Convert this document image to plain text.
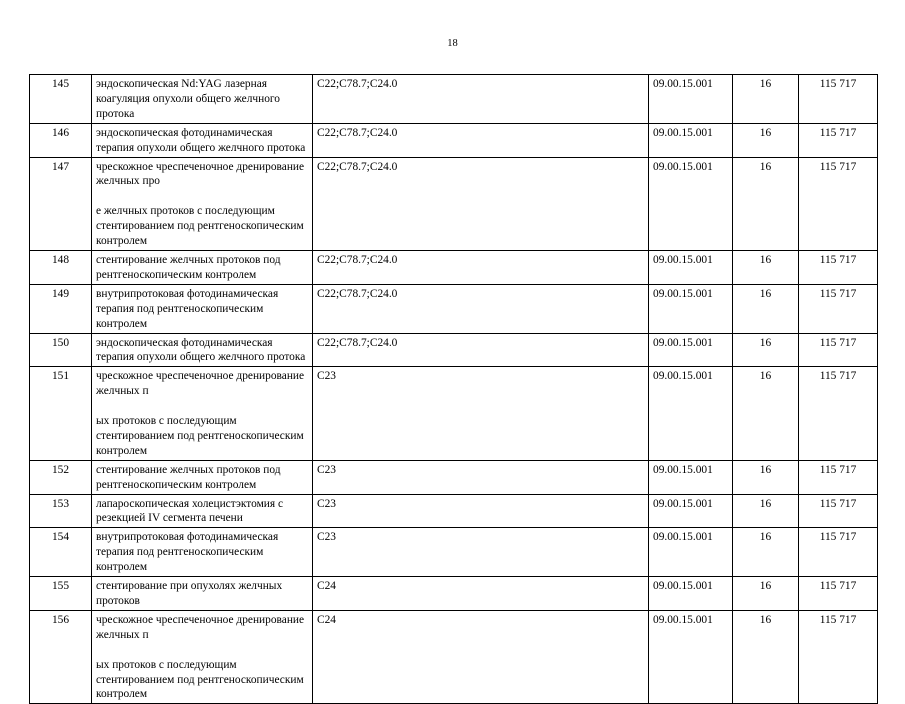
18
145	эндоскопическая Nd:YAG лазерная коагуляция опухоли общего желчного протока	C22;C78.7;C24.0	09.00.15.001	16	115 717
146	эндоскопическая фотодинамическая терапия опухоли общего желчного протока	C22;C78.7;C24.0	09.00.15.001	16	115 717
147	чрескожное чреспеченочное дренирование желчных про

е желчных протоков с последующим стентированием под рентгеноскопическим контролем	C22;C78.7;C24.0	09.00.15.001	16	115 717
148	стентирование желчных протоков под рентгеноскопическим контролем	C22;C78.7;C24.0	09.00.15.001	16	115 717
149	внутрипротоковая фотодинамическая терапия под рентгеноскопическим контролем	C22;C78.7;C24.0	09.00.15.001	16	115 717
150	эндоскопическая фотодинамическая терапия опухоли общего желчного протока	C22;C78.7;C24.0	09.00.15.001	16	115 717
151	чрескожное чреспеченочное дренирование желчных п

ых протоков с последующим стентированием под рентгеноскопическим контролем	C23	09.00.15.001	16	115 717
152	стентирование желчных протоков под рентгеноскопическим контролем	C23	09.00.15.001	16	115 717
153	лапароскопическая холецистэктомия с резекцией IV сегмента печени	C23	09.00.15.001	16	115 717
154	внутрипротоковая фотодинамическая терапия под рентгеноскопическим контролем	C23	09.00.15.001	16	115 717
155	стентирование при опухолях желчных протоков	C24	09.00.15.001	16	115 717
156	чрескожное чреспеченочное дренирование желчных п

ых протоков с последующим стентированием под рентгеноскопическим контролем	C24	09.00.15.001	16	115 717
